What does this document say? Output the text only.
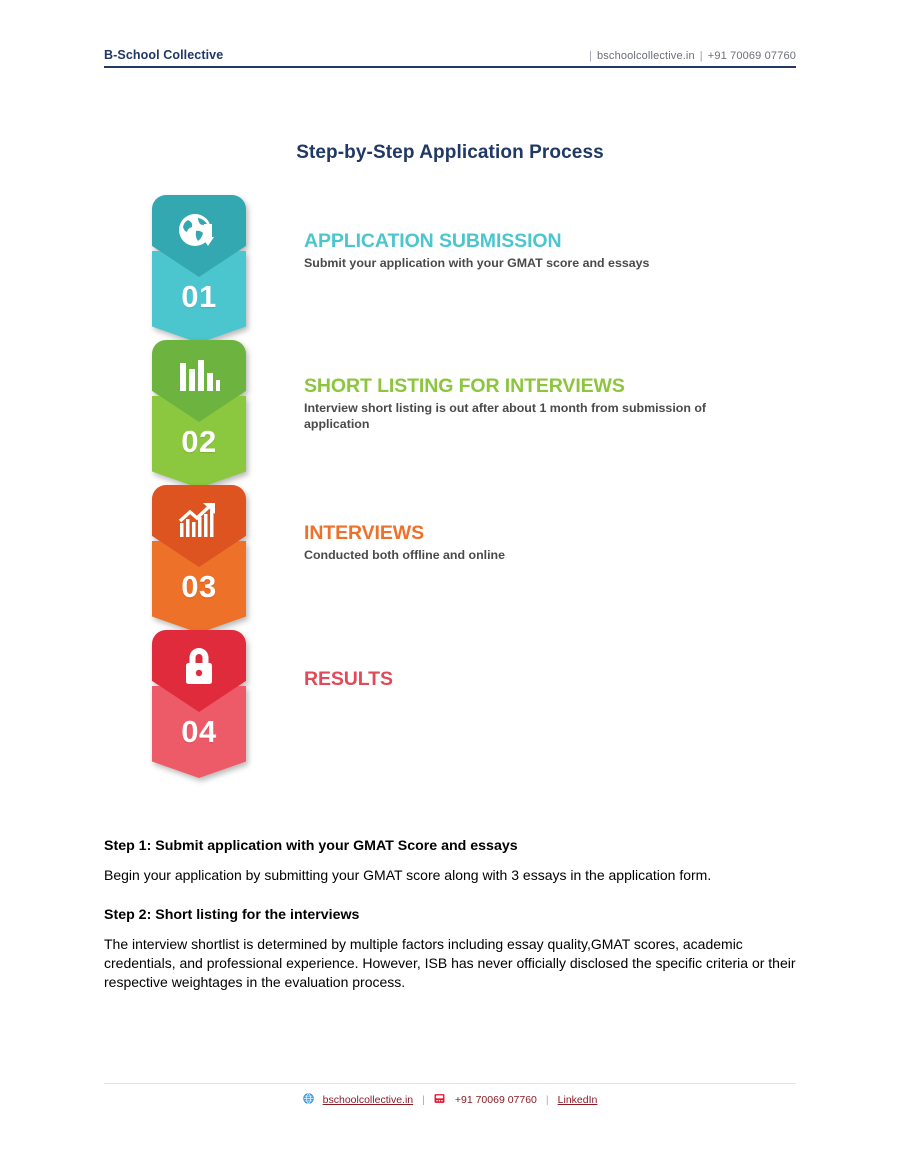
B-School Collective	| bschoolcollective.in | +91 70069 07760
Step-by-Step Application Process
01
APPLICATION SUBMISSION
Submit your application with your GMAT score and essays
02
SHORT LISTING FOR INTERVIEWS
Interview short listing is out after about 1 month from submission of application
03
INTERVIEWS
Conducted both offline and online
04
RESULTS

Step 1: Submit application with your GMAT Score and essays

Begin your application by submitting your GMAT score along with 3 essays in the application form.

Step 2: Short listing for the interviews

The interview shortlist is determined by multiple factors including essay quality,GMAT scores, academic credentials, and professional experience. However, ISB has never officially disclosed the specific criteria or their respective weightages in the evaluation process.

bschoolcollective.in |	+91 70069 07760 | LinkedIn
